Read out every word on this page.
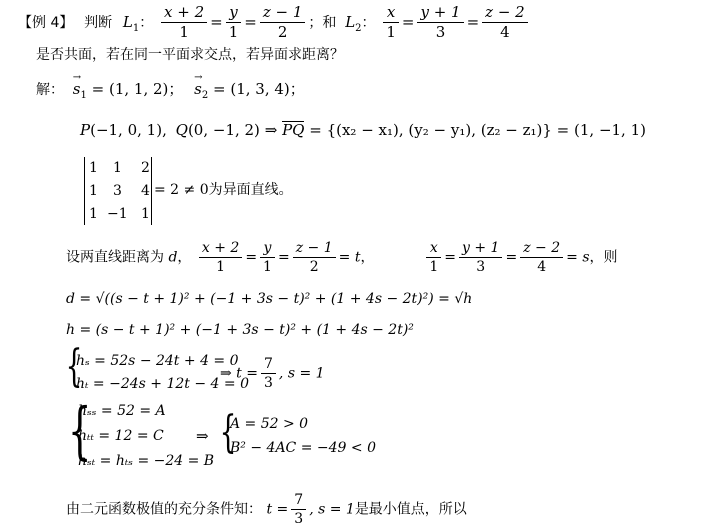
【例 4】 判断 $L_1$： $\frac{x + 2}{1} = \frac{y}{1} = \frac{z - 1}{2}$ ；和 $L_2$： $\frac{x}{1} = \frac{y + 1}{3} = \frac{z - 2}{4}$
是否共面，若在同一平面求交点，若异面求距离？
解： → $s_1 = (1$, 1, 2)； → $s_2 = (1$, 3, 4)；
P(−1, 0, 1), Q(0, −1, 2) ⇒ PQ = {(x₂ − x₁), (y₂ − y₁), (z₂ − z₁)} = (1, −1, 1)
1 1 2
1 3 4
1 −1 1
= 2 ≠ 0为异面直线。
设两直线距离为 d， $\frac{x + 2}{1} = \frac{y}{1} = \frac{z - 1}{2} = t$，	$\frac{x}{1} = \frac{y + 1}{3} = \frac{z - 2}{4} = s$，则
d = √((s − t + 1)² + (−1 + 3s − t)² + (1 + 4s − 2t)²) = √h
h = (s − t + 1)² + (−1 + 3s − t)² + (1 + 4s − 2t)²
{
hₛ = 52s − 24t + 4 = 0
hₜ = −24s + 12t − 4 = 0
⇒ $t = \frac{7}{3}$ , s = 1
{
hₛₛ = 52 = A
hₜₜ = 12 = C
hₛₜ = hₜₛ = −24 = B
⇒ {
A = 52 > 0
B² − 4AC = −49 < 0
由二元函数极值的充分条件知： $t = \frac{7}{3}$ , s = 1是最小值点，所以
